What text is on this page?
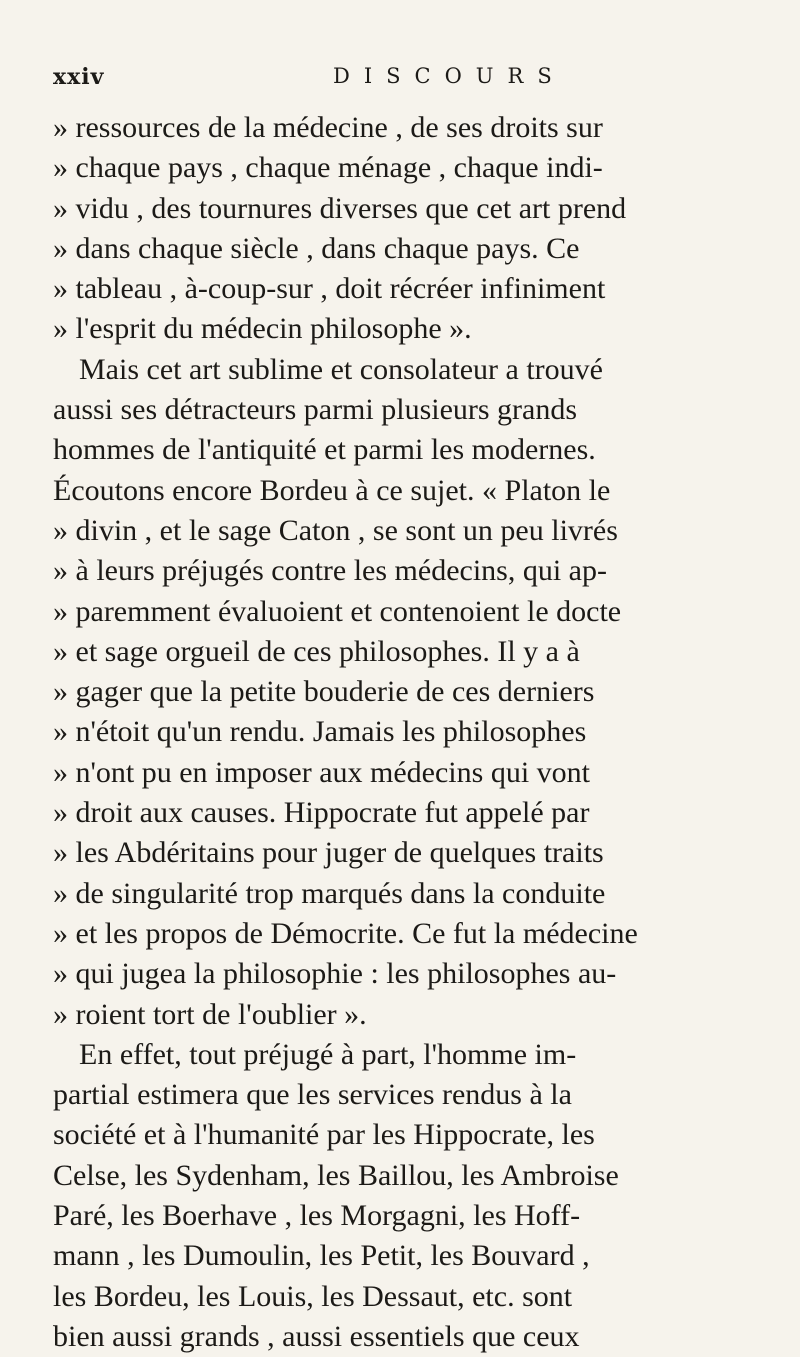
xxiv	DISCOURS
» ressources de la médecine , de ses droits sur
» chaque pays , chaque ménage , chaque indi-
» vidu , des tournures diverses que cet art prend
» dans chaque siècle , dans chaque pays. Ce
» tableau , à-coup-sur , doit récréer infiniment
» l'esprit du médecin philosophe ».
Mais cet art sublime et consolateur a trouvé
aussi ses détracteurs parmi plusieurs grands
hommes de l'antiquité et parmi les modernes.
Écoutons encore Bordeu à ce sujet. « Platon le
» divin , et le sage Caton , se sont un peu livrés
» à leurs préjugés contre les médecins, qui ap-
» paremment évaluoient et contenoient le docte
» et sage orgueil de ces philosophes. Il y a à
» gager que la petite bouderie de ces derniers
» n'étoit qu'un rendu. Jamais les philosophes
» n'ont pu en imposer aux médecins qui vont
» droit aux causes. Hippocrate fut appelé par
» les Abdéritains pour juger de quelques traits
» de singularité trop marqués dans la conduite
» et les propos de Démocrite. Ce fut la médecine
» qui jugea la philosophie : les philosophes au-
» roient tort de l'oublier ».
En effet, tout préjugé à part, l'homme im-
partial estimera que les services rendus à la
société et à l'humanité par les Hippocrate, les
Celse, les Sydenham, les Baillou, les Ambroise
Paré, les Boerhave , les Morgagni, les Hoff-
mann , les Dumoulin, les Petit, les Bouvard ,
les Bordeu, les Louis, les Dessaut, etc. sont
bien aussi grands , aussi essentiels que ceux
